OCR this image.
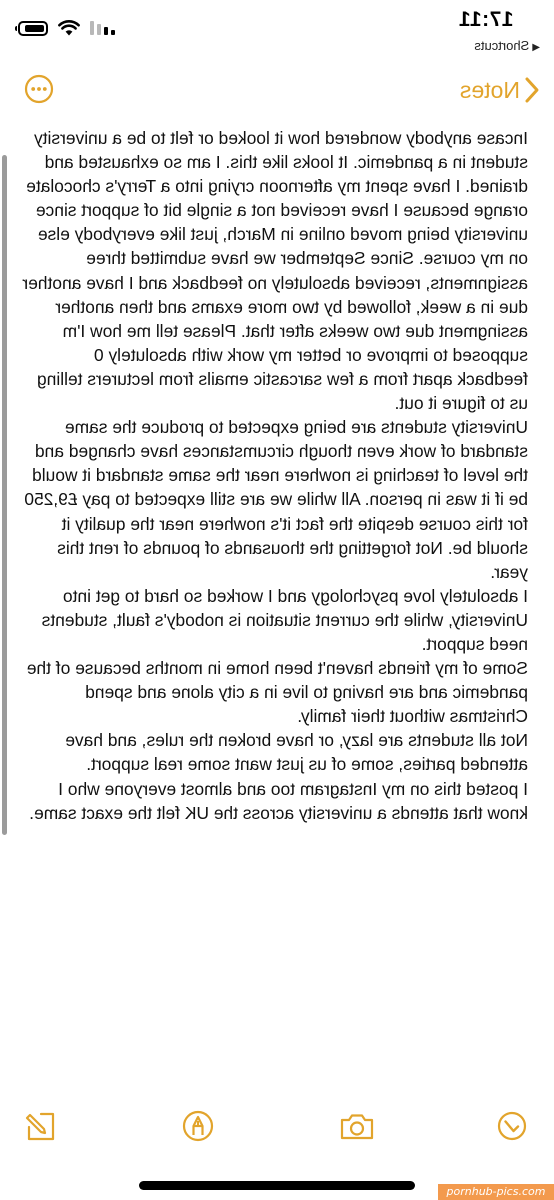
17:11
◀Shortcuts
Notes

Incase anybody wondered how it looked or felt to be a university student in a pandemic. It looks like this. I am so exhausted and drained. I have spent my afternoon crying into a Terry's chocolate orange because I have received not a single bit of support since university being moved online in March, just like everybody else on my course. Since September we have submitted three assignments, received absolutely no feedback and I have another due in a week, followed by two more exams and then another assingment due two weeks after that. Please tell me how I'm supposed to improve or better my work with absolutely 0 feedback apart from a few sarcastic emails from lecturers telling us to figure it out.

University students are being expected to produce the same standard of work even though circumstances have changed and the level of teaching is nowhere near the same standard it would be if it was in person. All while we are still expected to pay £9,250 for this course despite the fact it's nowhere near the quality it should be. Not forgetting the thousands of pounds of rent this year.

I absolutely love psychology and I worked so hard to get into University, while the current situation is nobody's fault, students need support.

Some of my friends haven't been home in months because of the pandemic and are having to live in a city alone and spend Christmas without their family.

Not all students are lazy, or have broken the rules, and have attended parties, some of us just want some real support.

I posted this on my Instagram too and almost everyone who I know that attends a university across the UK felt the exact same.

pornhub-pics.com
